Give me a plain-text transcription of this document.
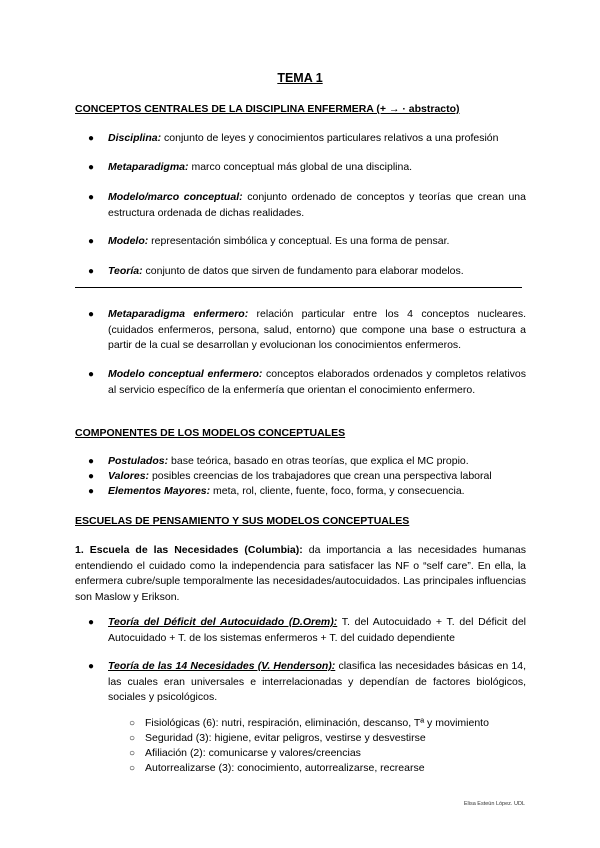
TEMA 1
CONCEPTOS CENTRALES DE LA DISCIPLINA ENFERMERA (+ → · abstracto)
● Disciplina: conjunto de leyes y conocimientos particulares relativos a una profesión
● Metaparadigma: marco conceptual más global de una disciplina.
● Modelo/marco conceptual: conjunto ordenado de conceptos y teorías que crean una estructura ordenada de dichas realidades.
● Modelo: representación simbólica y conceptual. Es una forma de pensar.
● Teoría: conjunto de datos que sirven de fundamento para elaborar modelos.
● Metaparadigma enfermero: relación particular entre los 4 conceptos nucleares. (cuidados enfermeros, persona, salud, entorno) que compone una base o estructura a partir de la cual se desarrollan y evolucionan los conocimientos enfermeros.
● Modelo conceptual enfermero: conceptos elaborados ordenados y completos relativos al servicio específico de la enfermería que orientan el conocimiento enfermero.
COMPONENTES DE LOS MODELOS CONCEPTUALES
● Postulados: base teórica, basado en otras teorías, que explica el MC propio.
● Valores: posibles creencias de los trabajadores que crean una perspectiva laboral
● Elementos Mayores: meta, rol, cliente, fuente, foco, forma, y consecuencia.
ESCUELAS DE PENSAMIENTO Y SUS MODELOS CONCEPTUALES
1. Escuela de las Necesidades (Columbia): da importancia a las necesidades humanas entendiendo el cuidado como la independencia para satisfacer las NF o “self care”. En ella, la enfermera cubre/suple temporalmente las necesidades/autocuidados. Las principales influencias son Maslow y Erikson.
● Teoría del Déficit del Autocuidado (D.Orem): T. del Autocuidado + T. del Déficit del Autocuidado + T. de los sistemas enfermeros + T. del cuidado dependiente
● Teoría de las 14 Necesidades (V. Henderson): clasifica las necesidades básicas en 14, las cuales eran universales e interrelacionadas y dependían de factores biológicos, sociales y psicológicos.
○ Fisiológicas (6): nutri, respiración, eliminación, descanso, Tª y movimiento
○ Seguridad (3): higiene, evitar peligros, vestirse y desvestirse
○ Afiliación (2): comunicarse y valores/creencias
○ Autorrealizarse (3): conocimiento, autorrealizarse, recrearse
Elisa Esteún López. UDL
